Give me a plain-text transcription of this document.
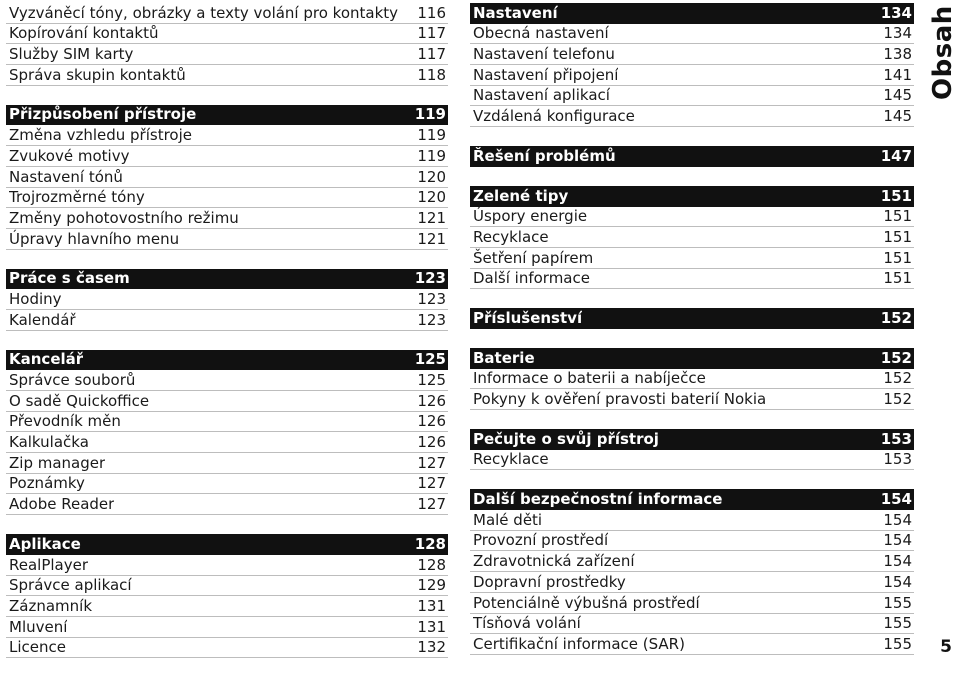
Vyzváněcí tóny, obrázky a texty volání pro kontakty	116
Kopírování kontaktů	117
Služby SIM karty	117
Správa skupin kontaktů	118
Přizpůsobení přístroje	119
Změna vzhledu přístroje	119
Zvukové motivy	119
Nastavení tónů	120
Trojrozměrné tóny	120
Změny pohotovostního režimu	121
Úpravy hlavního menu	121
Práce s časem	123
Hodiny	123
Kalendář	123
Kancelář	125
Správce souborů	125
O sadě Quickoffice	126
Převodník měn	126
Kalkulačka	126
Zip manager	127
Poznámky	127
Adobe Reader	127
Aplikace	128
RealPlayer	128
Správce aplikací	129
Záznamník	131
Mluvení	131
Licence	132
Nastavení	134
Obecná nastavení	134
Nastavení telefonu	138
Nastavení připojení	141
Nastavení aplikací	145
Vzdálená konfigurace	145
Řešení problémů	147
Zelené tipy	151
Úspory energie	151
Recyklace	151
Šetření papírem	151
Další informace	151
Příslušenství	152
Baterie	152
Informace o baterii a nabíječce	152
Pokyny k ověření pravosti baterií Nokia	152
Pečujte o svůj přístroj	153
Recyklace	153
Další bezpečnostní informace	154
Malé děti	154
Provozní prostředí	154
Zdravotnická zařízení	154
Dopravní prostředky	154
Potenciálně výbušná prostředí	155
Tísňová volání	155
Certifikační informace (SAR)	155
Obsah
5
